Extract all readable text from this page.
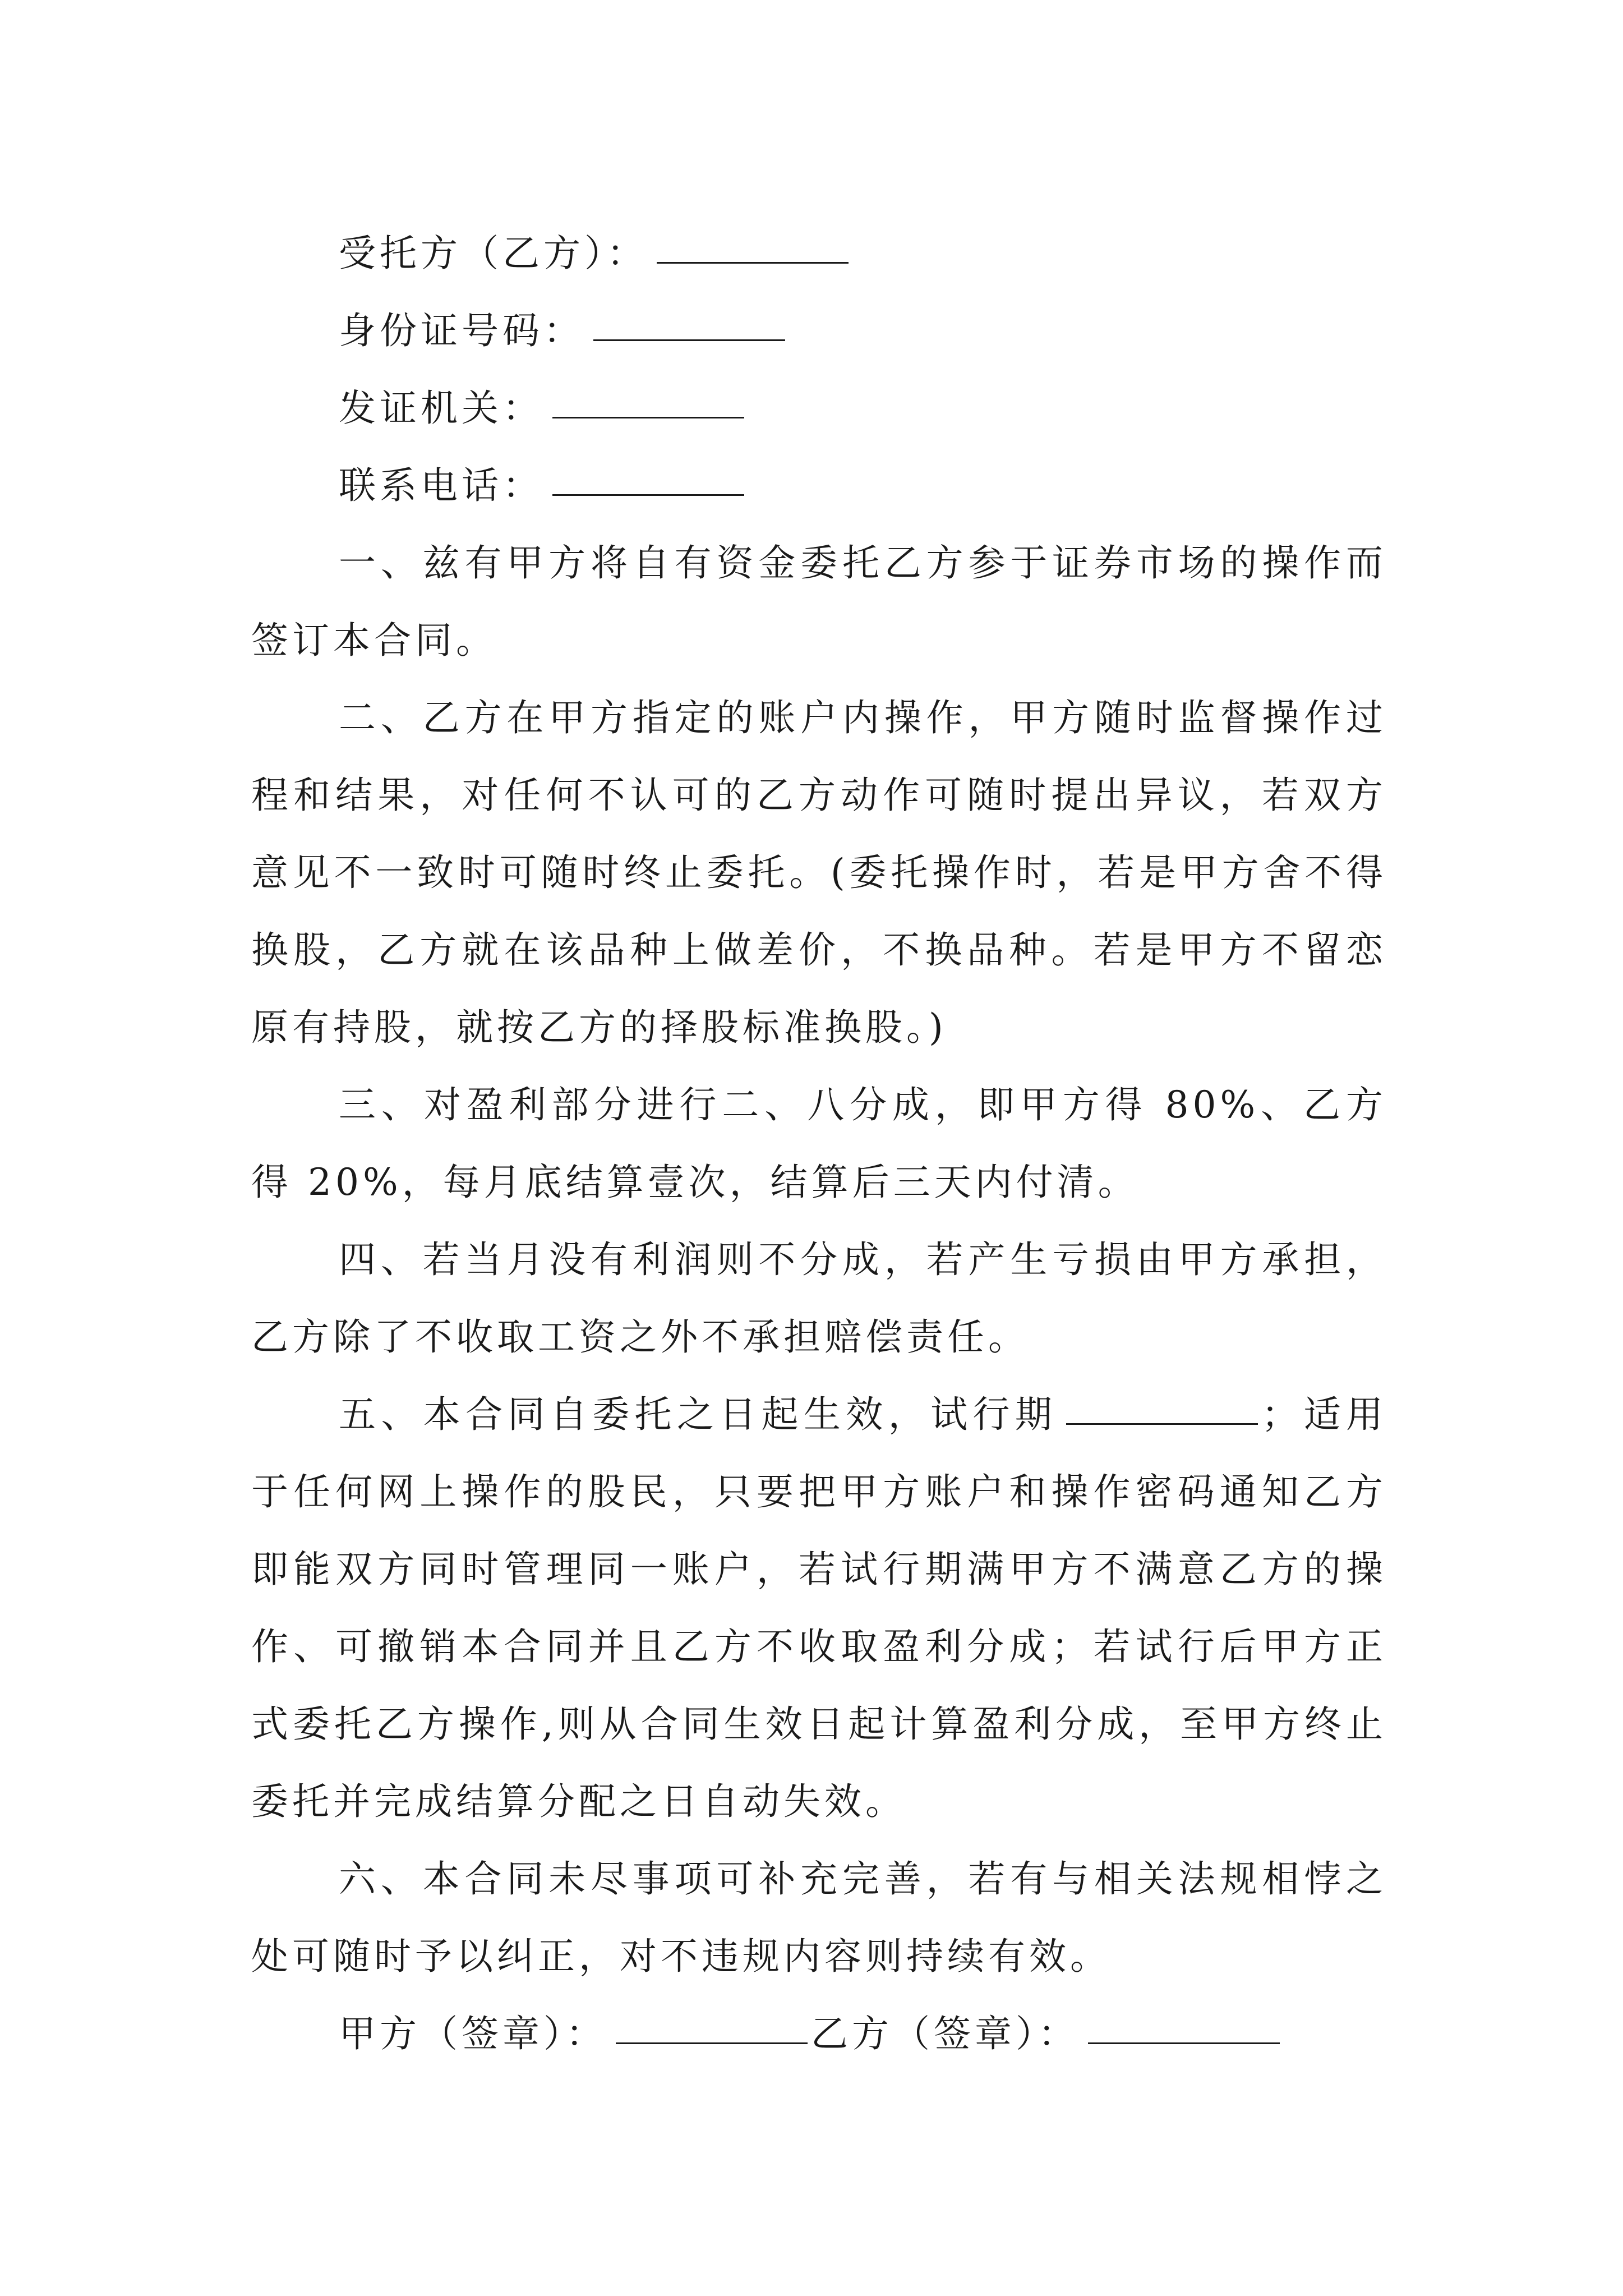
受托方（乙方）：

身份证号码：

发证机关：

联系电话：

一、兹有甲方将自有资金委托乙方参于证券市场的操作而签订本合同。

二、乙方在甲方指定的账户内操作，甲方随时监督操作过程和结果，对任何不认可的乙方动作可随时提出异议，若双方意见不一致时可随时终止委托。(委托操作时，若是甲方舍不得换股，乙方就在该品种上做差价，不换品种。若是甲方不留恋原有持股，就按乙方的择股标准换股。)

三、对盈利部分进行二、八分成，即甲方得 80%、乙方得 20%，每月底结算壹次，结算后三天内付清。

四、若当月没有利润则不分成，若产生亏损由甲方承担，乙方除了不收取工资之外不承担赔偿责任。

五、本合同自委托之日起生效，试行期	；适用于任何网上操作的股民，只要把甲方账户和操作密码通知乙方即能双方同时管理同一账户，若试行期满甲方不满意乙方的操作、可撤销本合同并且乙方不收取盈利分成；若试行后甲方正式委托乙方操作,则从合同生效日起计算盈利分成，至甲方终止委托并完成结算分配之日自动失效。

六、本合同未尽事项可补充完善，若有与相关法规相悖之处可随时予以纠正，对不违规内容则持续有效。

甲方（签章）：	乙方（签章）：
